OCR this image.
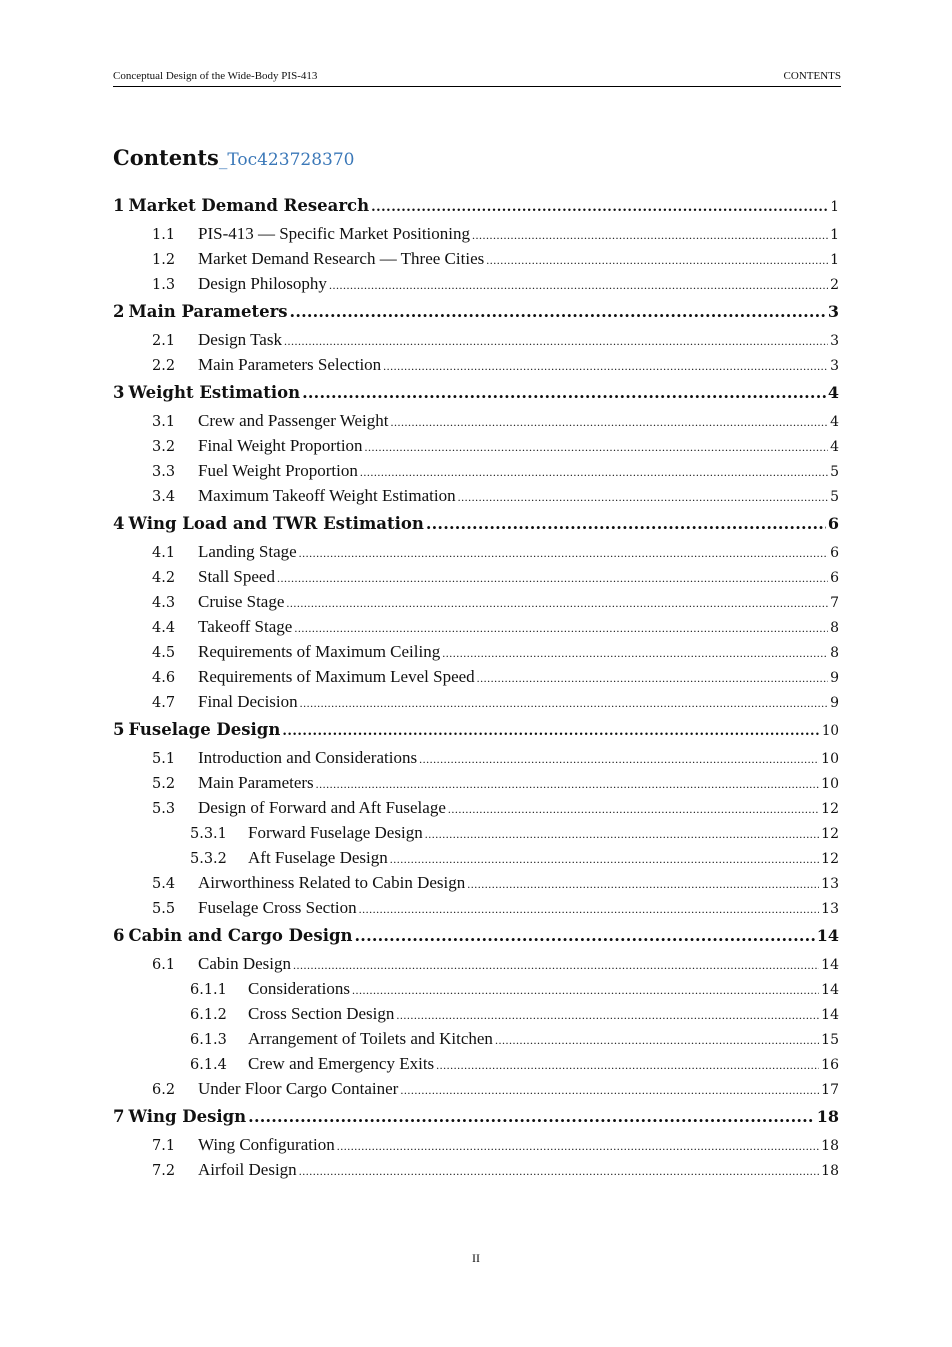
Conceptual Design of the Wide-Body PIS-413	CONTENTS
Contents_Toc423728370
1 Market Demand Research .....	1
1.1	PIS-413 — Specific Market Positioning .....	1
1.2	Market Demand Research — Three Cities .....	1
1.3	Design Philosophy .....	2
2 Main Parameters .....	3
2.1	Design Task .....	3
2.2	Main Parameters Selection .....	3
3 Weight Estimation .....	4
3.1	Crew and Passenger Weight .....	4
3.2	Final Weight Proportion .....	4
3.3	Fuel Weight Proportion .....	5
3.4	Maximum Takeoff Weight Estimation .....	5
4 Wing Load and TWR Estimation .....	6
4.1	Landing Stage .....	6
4.2	Stall Speed .....	6
4.3	Cruise Stage .....	7
4.4	Takeoff Stage .....	8
4.5	Requirements of Maximum Ceiling .....	8
4.6	Requirements of Maximum Level Speed .....	9
4.7	Final Decision .....	9
5 Fuselage Design .....	10
5.1	Introduction and Considerations .....	10
5.2	Main Parameters .....	10
5.3	Design of Forward and Aft Fuselage .....	12
5.3.1	Forward Fuselage Design .....	12
5.3.2	Aft Fuselage Design .....	12
5.4	Airworthiness Related to Cabin Design .....	13
5.5	Fuselage Cross Section .....	13
6 Cabin and Cargo Design .....	14
6.1	Cabin Design .....	14
6.1.1	Considerations .....	14
6.1.2	Cross Section Design .....	14
6.1.3	Arrangement of Toilets and Kitchen .....	15
6.1.4	Crew and Emergency Exits .....	16
6.2	Under Floor Cargo Container .....	17
7 Wing Design .....	18
7.1	Wing Configuration .....	18
7.2	Airfoil Design .....	18
II
